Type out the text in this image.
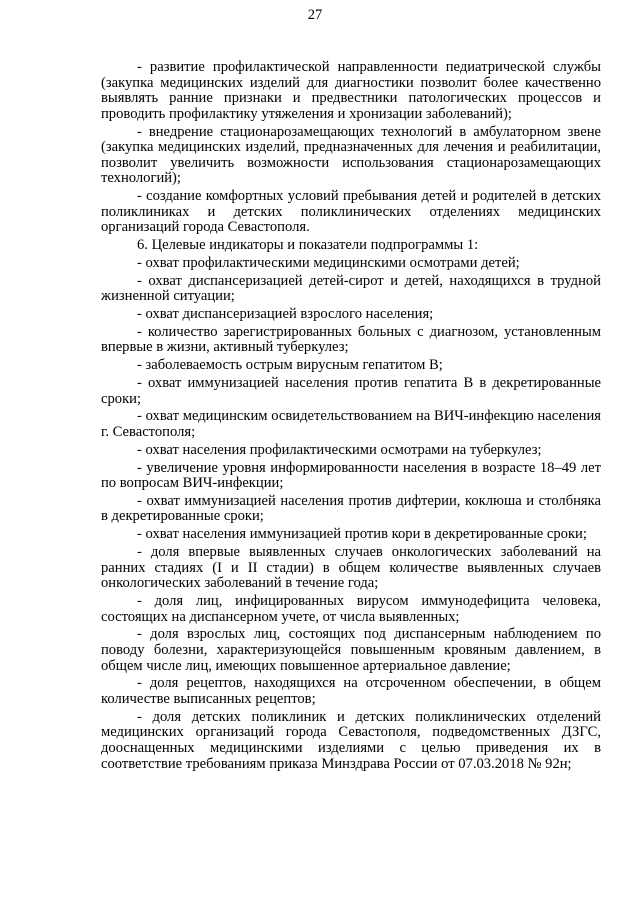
27

- развитие профилактической направленности педиатрической службы (закупка медицинских изделий для диагностики позволит более качественно выявлять ранние признаки и предвестники патологических процессов и проводить профилактику утяжеления и хронизации заболеваний);

- внедрение стационарозамещающих технологий в амбулаторном звене (закупка медицинских изделий, предназначенных для лечения и реабилитации, позволит увеличить возможности использования стационарозамещающих технологий);

- создание комфортных условий пребывания детей и родителей в детских поликлиниках и детских поликлинических отделениях медицинских организаций города Севастополя.

6. Целевые индикаторы и показатели подпрограммы 1:

- охват профилактическими медицинскими осмотрами детей;

- охват диспансеризацией детей-сирот и детей, находящихся в трудной жизненной ситуации;

- охват диспансеризацией взрослого населения;

- количество зарегистрированных больных с диагнозом, установленным впервые в жизни, активный туберкулез;

- заболеваемость острым вирусным гепатитом В;

- охват иммунизацией населения против гепатита В в декретированные сроки;

- охват медицинским освидетельствованием на ВИЧ-инфекцию населения г. Севастополя;

- охват населения профилактическими осмотрами на туберкулез;

- увеличение уровня информированности населения в возрасте 18–49 лет по вопросам ВИЧ-инфекции;

- охват иммунизацией населения против дифтерии, коклюша и столбняка в декретированные сроки;

- охват населения иммунизацией против кори в декретированные сроки;

- доля впервые выявленных случаев онкологических заболеваний на ранних стадиях (I и II стадии) в общем количестве выявленных случаев онкологических заболеваний в течение года;

- доля лиц, инфицированных вирусом иммунодефицита человека, состоящих на диспансерном учете, от числа выявленных;

- доля взрослых лиц, состоящих под диспансерным наблюдением по поводу болезни, характеризующейся повышенным кровяным давлением, в общем числе лиц, имеющих повышенное артериальное давление;

- доля рецептов, находящихся на отсроченном обеспечении, в общем количестве выписанных рецептов;

- доля детских поликлиник и детских поликлинических отделений медицинских организаций города Севастополя, подведомственных ДЗГС, дооснащенных медицинскими изделиями с целью приведения их в соответствие требованиям приказа Минздрава России от 07.03.2018 № 92н;
